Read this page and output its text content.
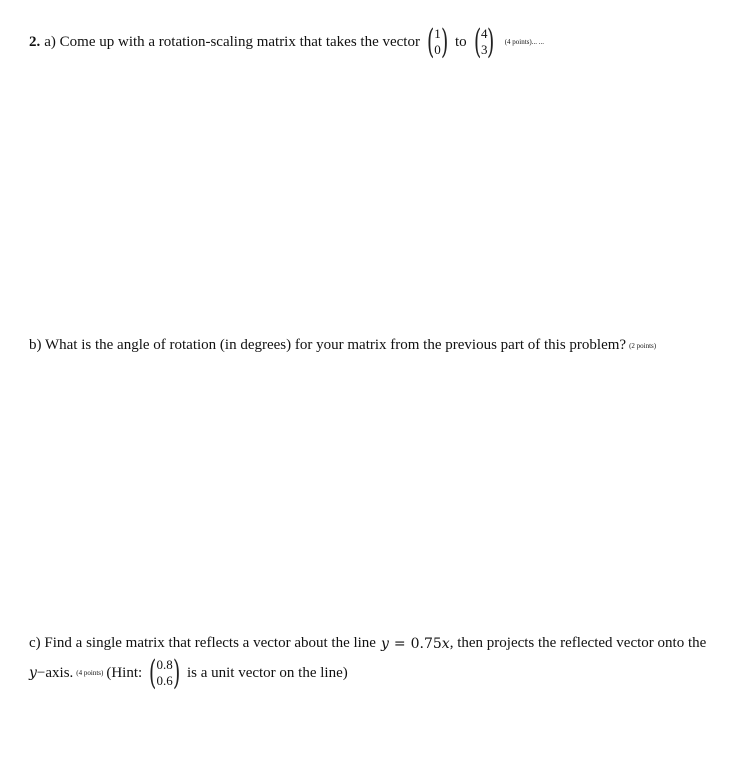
2. a) Come up with a rotation-scaling matrix that takes the vector ( 1
0 ) to ( 4
3 ) (4 points)... ...
b) What is the angle of rotation (in degrees) for your matrix from the previous part of this problem? (2 points)
c) Find a single matrix that reflects a vector about the line y = 0.75 x , then projects the reflected vector onto the
y −axis. (4 points) (Hint: ( 0.8
0.6 ) is a unit vector on the line)
